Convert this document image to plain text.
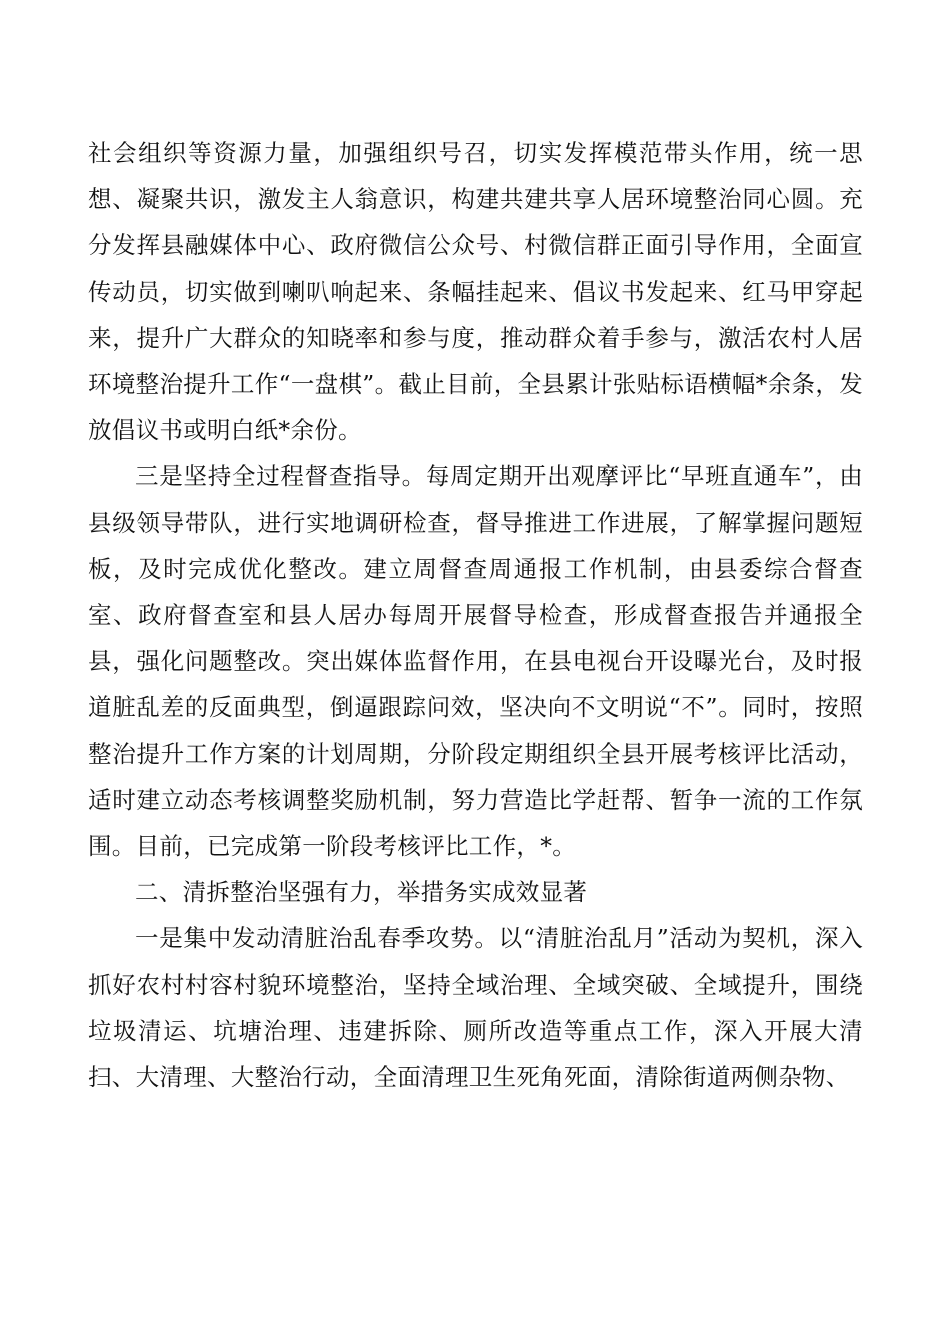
社会组织等资源力量，加强组织号召，切实发挥模范带头作用，统一思想、凝聚共识，激发主人翁意识，构建共建共享人居环境整治同心圆。充分发挥县融媒体中心、政府微信公众号、村微信群正面引导作用，全面宣传动员，切实做到喇叭响起来、条幅挂起来、倡议书发起来、红马甲穿起来，提升广大群众的知晓率和参与度，推动群众着手参与，激活农村人居环境整治提升工作“一盘棋”。截止目前，全县累计张贴标语横幅*余条，发放倡议书或明白纸*余份。

三是坚持全过程督查指导。每周定期开出观摩评比“早班直通车”，由县级领导带队，进行实地调研检查，督导推进工作进展，了解掌握问题短板，及时完成优化整改。建立周督查周通报工作机制，由县委综合督查室、政府督查室和县人居办每周开展督导检查，形成督查报告并通报全县，强化问题整改。突出媒体监督作用，在县电视台开设曝光台，及时报道脏乱差的反面典型，倒逼跟踪问效，坚决向不文明说“不”。同时，按照整治提升工作方案的计划周期，分阶段定期组织全县开展考核评比活动，适时建立动态考核调整奖励机制，努力营造比学赶帮、暂争一流的工作氛围。目前，已完成第一阶段考核评比工作，*。

二、清拆整治坚强有力，举措务实成效显著

一是集中发动清脏治乱春季攻势。以“清脏治乱月”活动为契机，深入抓好农村村容村貌环境整治，坚持全域治理、全域突破、全域提升，围绕垃圾清运、坑塘治理、违建拆除、厕所改造等重点工作，深入开展大清扫、大清理、大整治行动，全面清理卫生死角死面，清除街道两侧杂物、
